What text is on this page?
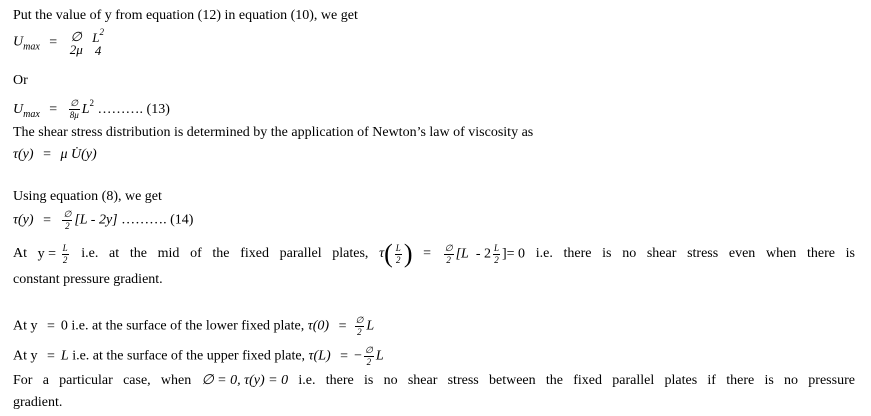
Put the value of y from equation (12) in equation (10), we get
$U_{max}$ = ∅
2μ

$L^2$
4
Or
$U_{max} = \frac{\emptyset}{8\mu} L^2$ ………. (13)
The shear stress distribution is determined by the application of Newton’s law of viscosity as
τ(y) = μ U̇(y)
Using equation (8), we get
$\tau(y) = \frac{\emptyset}{2} [L - 2y]$ ………. (14)
At $y = \frac{L}{2} i.e$. at the mid of the fixed parallel plates, $\tau( \frac{L}{2}$ ) = $\frac{\emptyset}{2} [L - 2 \frac{L}{2}$ ]= 0 i.e. there is no shear stress even when there is
constant pressure gradient.
At y = 0 i.e. at the surface of the lower fixed plate, $\tau(0) = \frac{\emptyset}{2}$ L
At y = L i.e. at the surface of the upper fixed plate, τ(L) = − $\frac{\emptyset}{2}$ L
For a particular case, when ∅ = 0, τ(y) = 0 i.e. there is no shear stress between the fixed parallel plates if there is no pressure
gradient.
